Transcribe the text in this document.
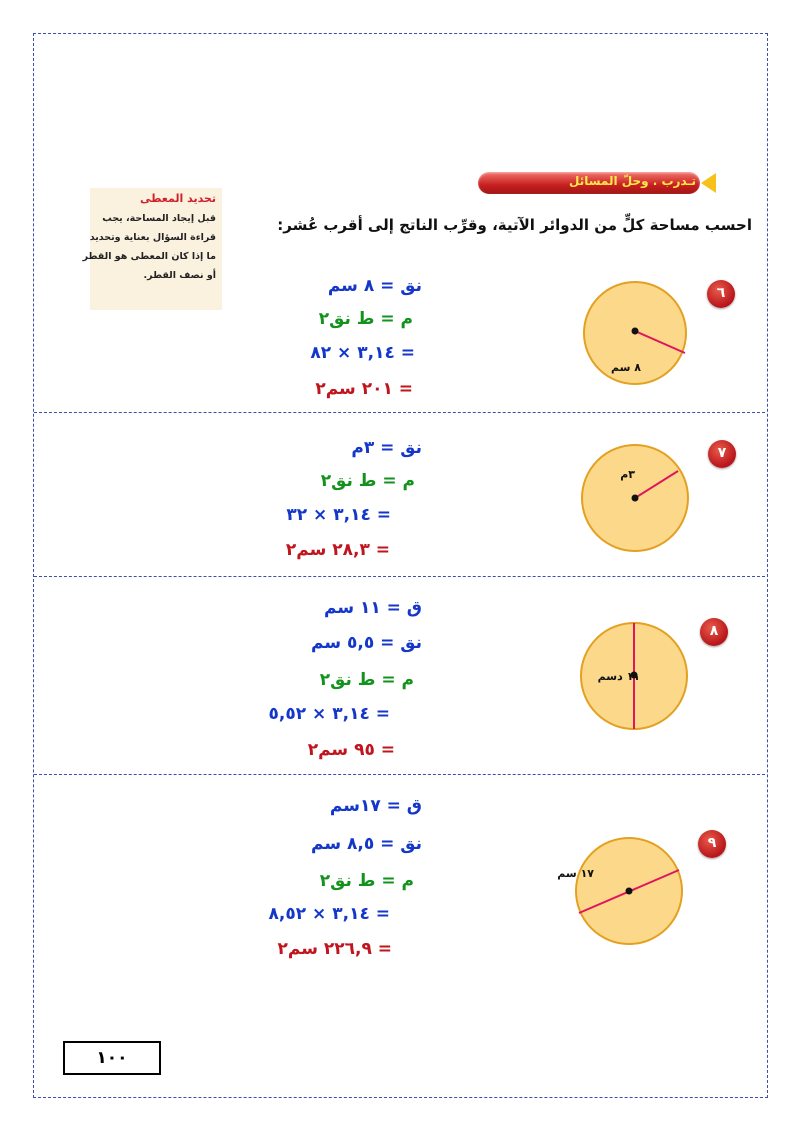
تـدرب . وحلّ المسائل
احسب مساحة كلٍّ من الدوائر الآتية، وقرِّب الناتج إلى أقرب عُشر:
تحديد المعطى
قبل إيجاد المساحة، يجب
قراءة السؤال بعناية وتحديد
ما إذا كان المعطى هو القطر
أو نصف القطر.
٦
٨ سم
نق = ٨ سم
م = ط نق٢
= ٣,١٤ × ٨٢
= ٢٠١ سم٢
٧
٣م
نق = ٣م
م = ط نق٢
= ٣,١٤ × ٣٢
= ٢٨,٣ سم٢
٨
١١ دسم
ق = ١١ سم
نق = ٥,٥ سم
م = ط نق٢
= ٣,١٤ × ٥,٥٢
= ٩٥ سم٢
٩
١٧ سم
ق = ١٧سم
نق = ٨,٥ سم
م = ط نق٢
= ٣,١٤ × ٨,٥٢
= ٢٢٦,٩ سم٢
١٠٠
